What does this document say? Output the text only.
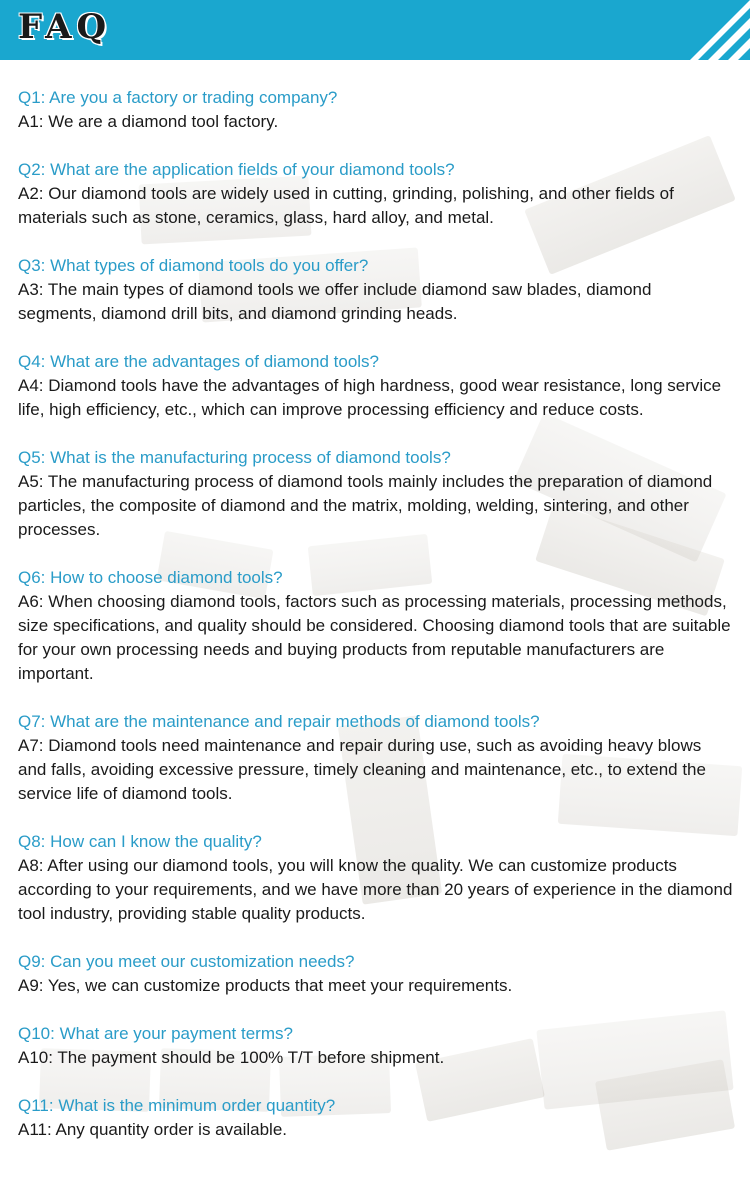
FAQ
Q1: Are you a factory or trading company?
A1: We are a diamond tool factory.
Q2: What are the application fields of your diamond tools?
A2: Our diamond tools are widely used in cutting, grinding, polishing, and other fields of materials such as stone, ceramics, glass, hard alloy, and metal.
Q3: What types of diamond tools do you offer?
A3: The main types of diamond tools we offer include diamond saw blades, diamond segments, diamond drill bits, and diamond grinding heads.
Q4: What are the advantages of diamond tools?
A4: Diamond tools have the advantages of high hardness, good wear resistance, long service life, high efficiency, etc., which can improve processing efficiency and reduce costs.
Q5: What is the manufacturing process of diamond tools?
A5: The manufacturing process of diamond tools mainly includes the preparation of diamond particles, the composite of diamond and the matrix, molding, welding, sintering, and other processes.
Q6: How to choose diamond tools?
A6: When choosing diamond tools, factors such as processing materials, processing methods, size specifications, and quality should be considered. Choosing diamond tools that are suitable for your own processing needs and buying products from reputable manufacturers are important.
Q7: What are the maintenance and repair methods of diamond tools?
A7: Diamond tools need maintenance and repair during use, such as avoiding heavy blows and falls, avoiding excessive pressure, timely cleaning and maintenance, etc., to extend the service life of diamond tools.
Q8: How can I know the quality?
A8: After using our diamond tools, you will know the quality. We can customize products according to your requirements, and we have more than 20 years of experience in the diamond tool industry, providing stable quality products.
Q9: Can you meet our customization needs?
A9: Yes, we can customize products that meet your requirements.
Q10: What are your payment terms?
A10: The payment should be 100% T/T before shipment.
Q11: What is the minimum order quantity?
A11: Any quantity order is available.
